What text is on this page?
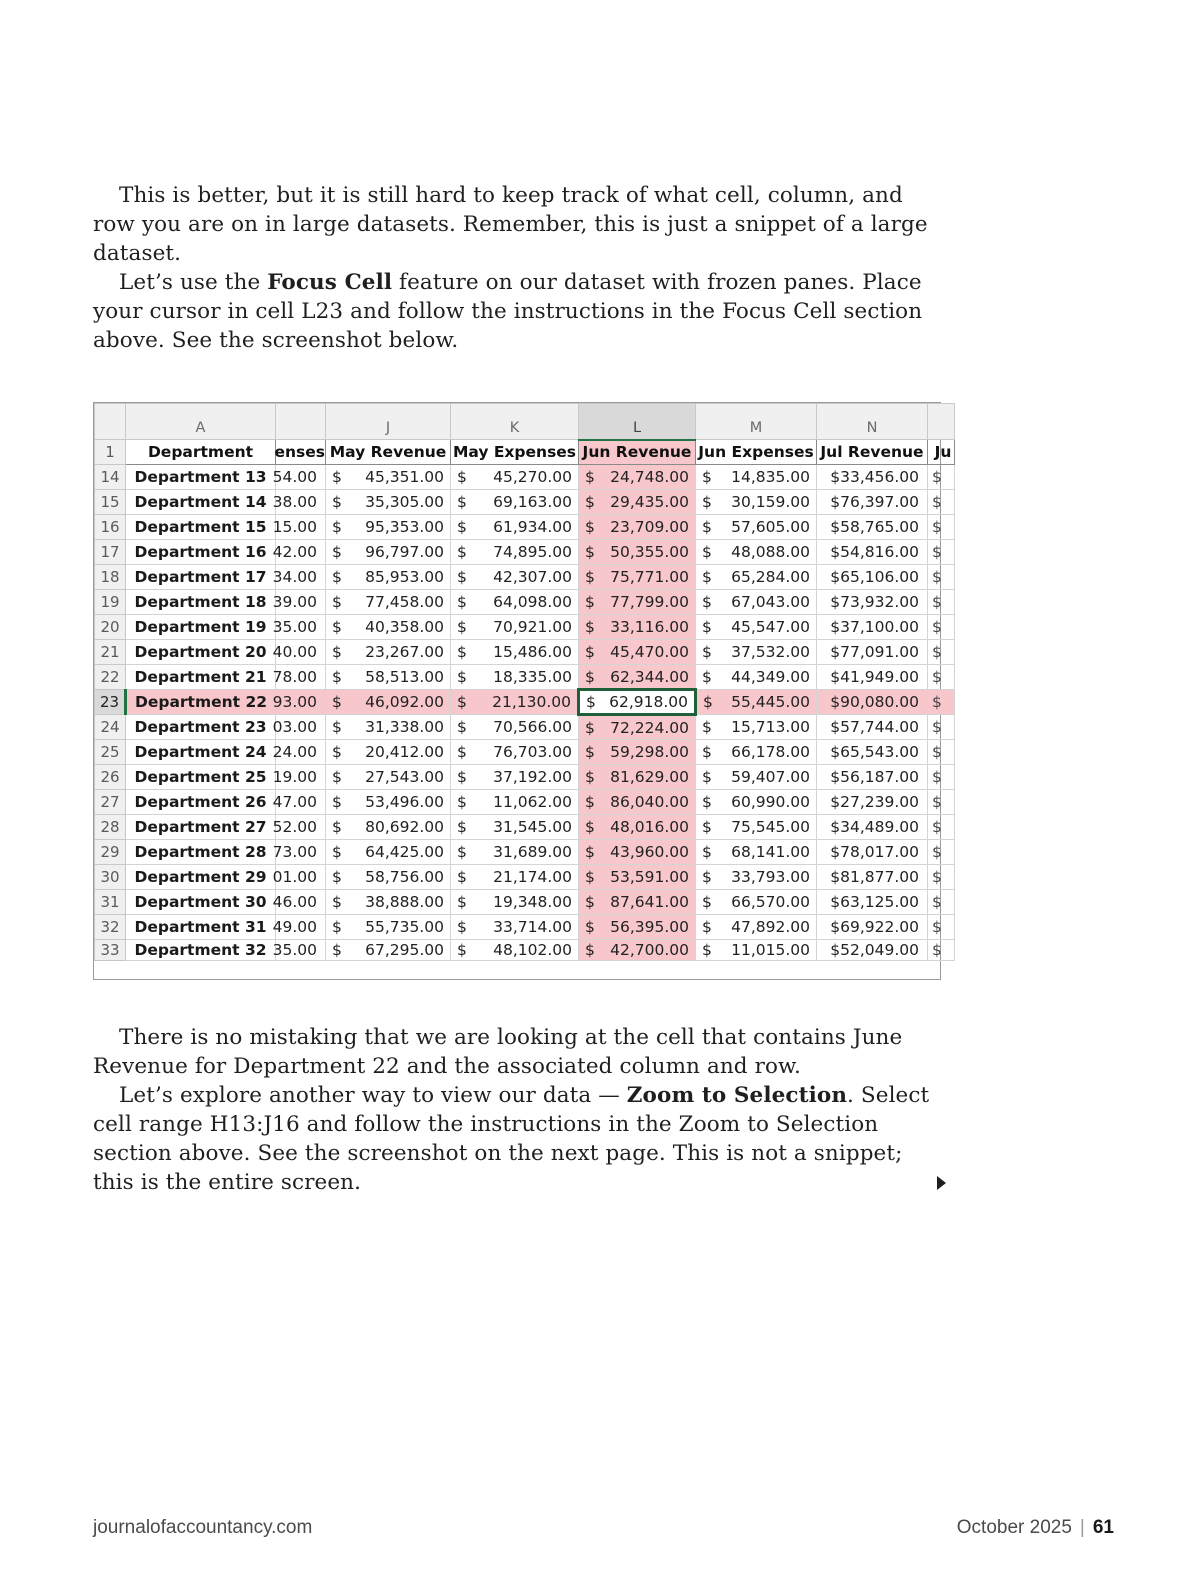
This is better, but it is still hard to keep track of what cell, column, and row you are on in large datasets. Remember, this is just a snippet of a large dataset.

Let’s use the Focus Cell feature on our dataset with frozen panes. Place your cursor in cell L23 and follow the instructions in the Focus Cell section above. See the screenshot below.

	A		J	K	L	M	N	
1	Department	enses	May Revenue	May Expenses	Jun Revenue	Jun Expenses	Jul Revenue	Ju
14	Department 13	54.00	$ 45,351.00	$ 45,270.00	$ 24,748.00	$ 14,835.00	$33,456.00	$
15	Department 14	38.00	$ 35,305.00	$ 69,163.00	$ 29,435.00	$ 30,159.00	$76,397.00	$
16	Department 15	15.00	$ 95,353.00	$ 61,934.00	$ 23,709.00	$ 57,605.00	$58,765.00	$
17	Department 16	42.00	$ 96,797.00	$ 74,895.00	$ 50,355.00	$ 48,088.00	$54,816.00	$
18	Department 17	34.00	$ 85,953.00	$ 42,307.00	$ 75,771.00	$ 65,284.00	$65,106.00	$
19	Department 18	39.00	$ 77,458.00	$ 64,098.00	$ 77,799.00	$ 67,043.00	$73,932.00	$
20	Department 19	35.00	$ 40,358.00	$ 70,921.00	$ 33,116.00	$ 45,547.00	$37,100.00	$
21	Department 20	40.00	$ 23,267.00	$ 15,486.00	$ 45,470.00	$ 37,532.00	$77,091.00	$
22	Department 21	78.00	$ 58,513.00	$ 18,335.00	$ 62,344.00	$ 44,349.00	$41,949.00	$
23	Department 22	93.00	$ 46,092.00	$ 21,130.00	$ 62,918.00	$ 55,445.00	$90,080.00	$
24	Department 23	03.00	$ 31,338.00	$ 70,566.00	$ 72,224.00	$ 15,713.00	$57,744.00	$
25	Department 24	24.00	$ 20,412.00	$ 76,703.00	$ 59,298.00	$ 66,178.00	$65,543.00	$
26	Department 25	19.00	$ 27,543.00	$ 37,192.00	$ 81,629.00	$ 59,407.00	$56,187.00	$
27	Department 26	47.00	$ 53,496.00	$ 11,062.00	$ 86,040.00	$ 60,990.00	$27,239.00	$
28	Department 27	52.00	$ 80,692.00	$ 31,545.00	$ 48,016.00	$ 75,545.00	$34,489.00	$
29	Department 28	73.00	$ 64,425.00	$ 31,689.00	$ 43,960.00	$ 68,141.00	$78,017.00	$
30	Department 29	01.00	$ 58,756.00	$ 21,174.00	$ 53,591.00	$ 33,793.00	$81,877.00	$
31	Department 30	46.00	$ 38,888.00	$ 19,348.00	$ 87,641.00	$ 66,570.00	$63,125.00	$
32	Department 31	49.00	$ 55,735.00	$ 33,714.00	$ 56,395.00	$ 47,892.00	$69,922.00	$
33	Department 32	35.00	$ 67,295.00	$ 48,102.00	$ 42,700.00	$ 11,015.00	$52,049.00	$

There is no mistaking that we are looking at the cell that contains June Revenue for Department 22 and the associated column and row.

Let’s explore another way to view our data — Zoom to Selection. Select cell range H13:J16 and follow the instructions in the Zoom to Selection section above. See the screenshot on the next page. This is not a snippet; this is the entire screen.

journalofaccountancy.com	October 2025 | 61
